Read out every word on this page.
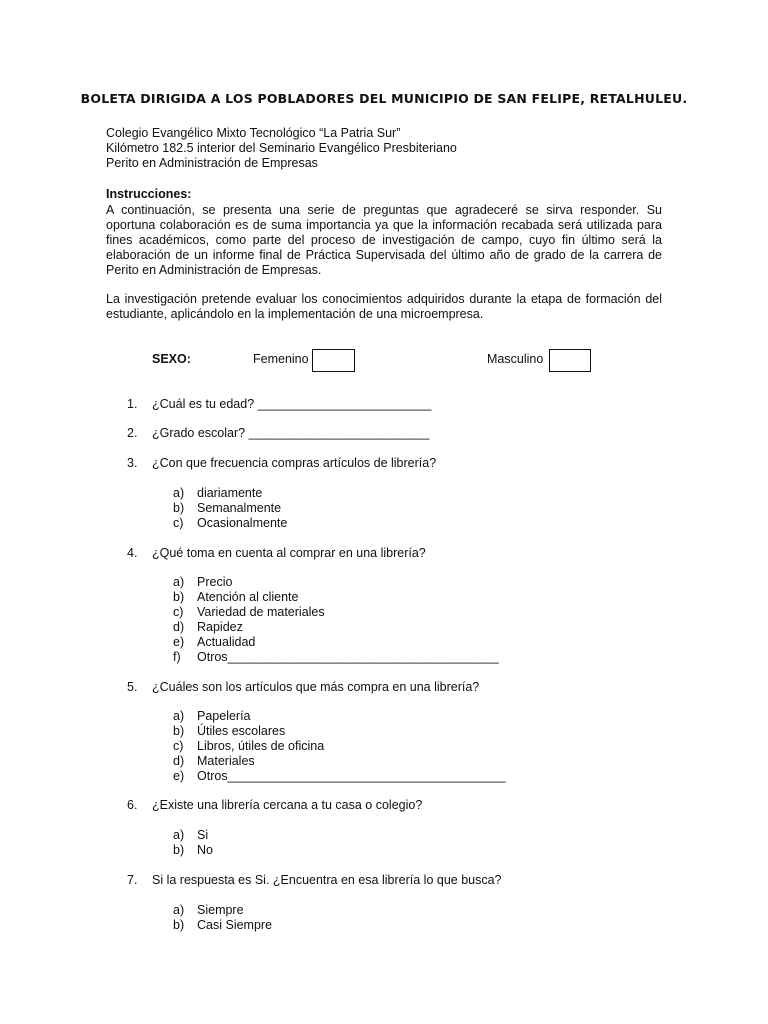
BOLETA DIRIGIDA A LOS POBLADORES DEL MUNICIPIO DE SAN FELIPE, RETALHULEU.
Colegio Evangélico Mixto Tecnológico “La Patria Sur”
Kilómetro 182.5 interior del Seminario Evangélico Presbiteriano
Perito en Administración de Empresas
Instrucciones:
A continuación, se presenta una serie de preguntas que agradeceré se sirva responder. Su oportuna colaboración es de suma importancia ya que la información recabada será utilizada para fines académicos, como parte del proceso de investigación de campo, cuyo fin último será la elaboración de un informe final de Práctica Supervisada del último año de grado de la carrera de Perito en Administración de Empresas.
La investigación pretende evaluar los conocimientos adquiridos durante la etapa de formación del estudiante, aplicándolo en la implementación de una microempresa.
SEXO:	Femenino	Masculino
1. ¿Cuál es tu edad? _________________________
2. ¿Grado escolar? __________________________
3. ¿Con que frecuencia compras artículos de librería?
a) diariamente
b) Semanalmente
c) Ocasionalmente
4. ¿Qué toma en cuenta al comprar en una librería?
a) Precio
b) Atención al cliente
c) Variedad de materiales
d) Rapidez
e) Actualidad
f) Otros_______________________________________
5. ¿Cuáles son los artículos que más compra en una librería?
a) Papelería
b) Útiles escolares
c) Libros, útiles de oficina
d) Materiales
e) Otros________________________________________
6. ¿Existe una librería cercana a tu casa o colegio?
a) Si
b) No
7. Si la respuesta es Si. ¿Encuentra en esa librería lo que busca?
a) Siempre
b) Casi Siempre
